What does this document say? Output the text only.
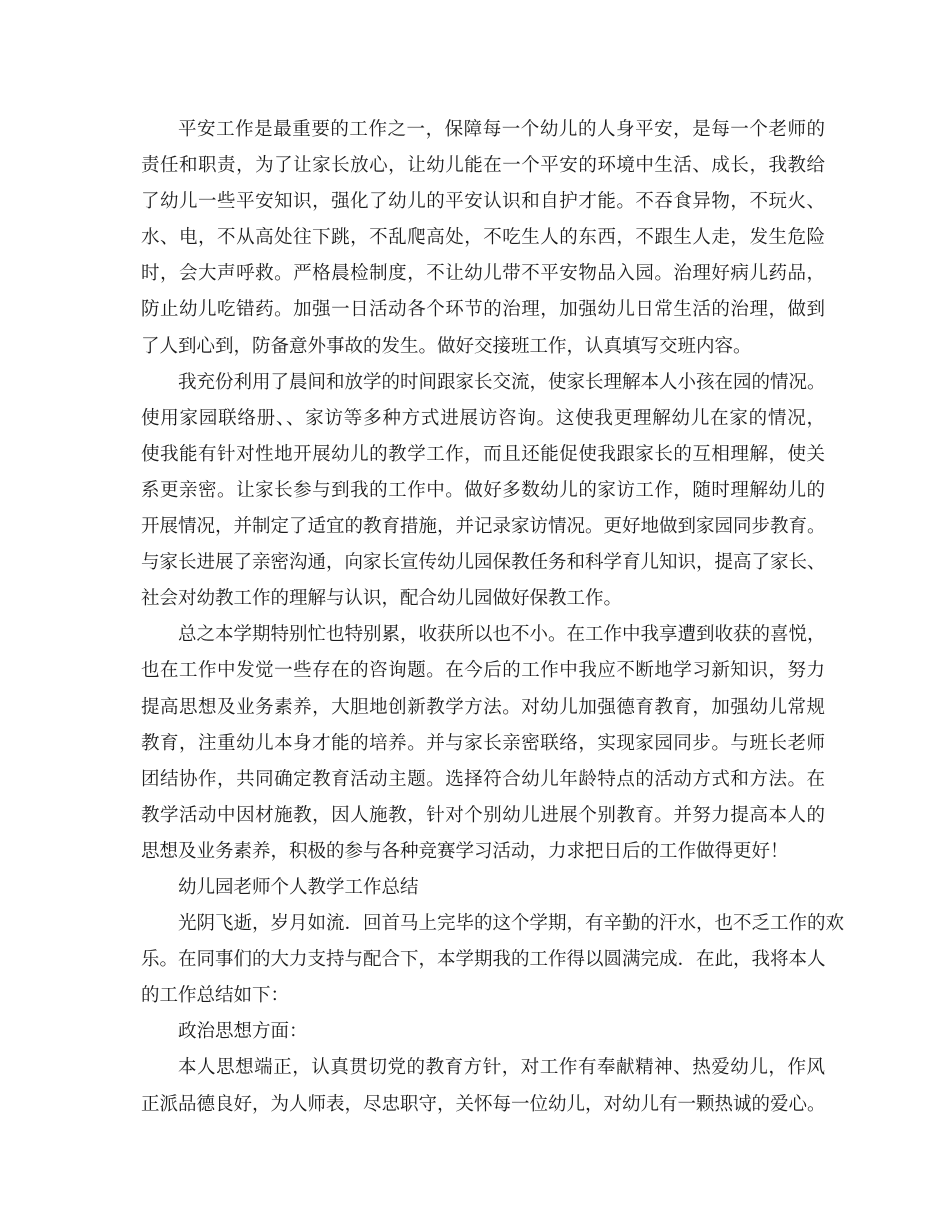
平安工作是最重要的工作之一，保障每一个幼儿的人身平安，是每一个老师的
责任和职责，为了让家长放心，让幼儿能在一个平安的环境中生活、成长，我教给
了幼儿一些平安知识，强化了幼儿的平安认识和自护才能。不吞食异物，不玩火、
水、电，不从高处往下跳，不乱爬高处，不吃生人的东西，不跟生人走，发生危险
时，会大声呼救。严格晨检制度，不让幼儿带不平安物品入园。治理好病儿药品，
防止幼儿吃错药。加强一日活动各个环节的治理，加强幼儿日常生活的治理，做到
了人到心到，防备意外事故的发生。做好交接班工作，认真填写交班内容。
我充份利用了晨间和放学的时间跟家长交流，使家长理解本人小孩在园的情况。
使用家园联络册、、家访等多种方式进展访咨询。这使我更理解幼儿在家的情况，
使我能有针对性地开展幼儿的教学工作，而且还能促使我跟家长的互相理解，使关
系更亲密。让家长参与到我的工作中。做好多数幼儿的家访工作，随时理解幼儿的
开展情况，并制定了适宜的教育措施，并记录家访情况。更好地做到家园同步教育。
与家长进展了亲密沟通，向家长宣传幼儿园保教任务和科学育儿知识，提高了家长、
社会对幼教工作的理解与认识，配合幼儿园做好保教工作。
总之本学期特别忙也特别累，收获所以也不小。在工作中我享遭到收获的喜悦，
也在工作中发觉一些存在的咨询题。在今后的工作中我应不断地学习新知识，努力
提高思想及业务素养，大胆地创新教学方法。对幼儿加强德育教育，加强幼儿常规
教育，注重幼儿本身才能的培养。并与家长亲密联络，实现家园同步。与班长老师
团结协作，共同确定教育活动主题。选择符合幼儿年龄特点的活动方式和方法。在
教学活动中因材施教，因人施教，针对个别幼儿进展个别教育。并努力提高本人的
思想及业务素养，积极的参与各种竞赛学习活动，力求把日后的工作做得更好！
幼儿园老师个人教学工作总结
光阴飞逝，岁月如流．回首马上完毕的这个学期，有辛勤的汗水，也不乏工作的欢
乐。在同事们的大力支持与配合下，本学期我的工作得以圆满完成．在此，我将本人
的工作总结如下：
政治思想方面：
本人思想端正，认真贯切党的教育方针，对工作有奉献精神、热爱幼儿，作风
正派品德良好，为人师表，尽忠职守，关怀每一位幼儿，对幼儿有一颗热诚的爱心。
